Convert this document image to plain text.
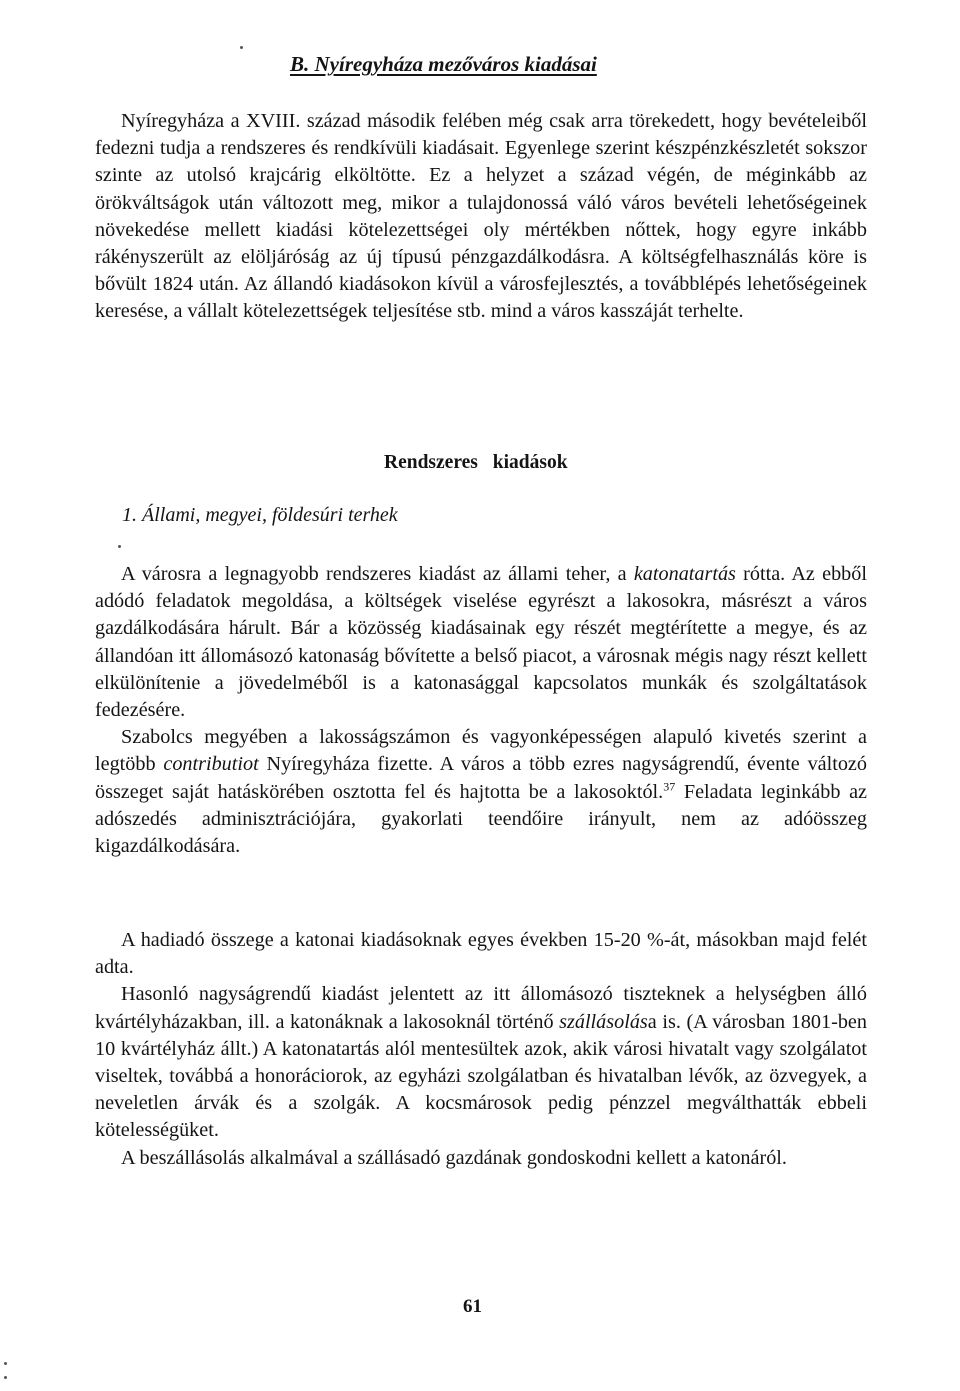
B. Nyíregyháza mezőváros kiadásai

Nyíregyháza a XVIII. század második felében még csak arra törekedett, hogy bevételeiből fedezni tudja a rendszeres és rendkívüli kiadásait. Egyenlege szerint készpénzkészletét sokszor szinte az utolsó krajcárig elköltötte. Ez a helyzet a század végén, de méginkább az örökváltságok után változott meg, mikor a tulajdonossá váló város bevételi lehetőségeinek növekedése mellett kiadási kötelezettségei oly mértékben nőttek, hogy egyre inkább rákényszerült az elöljáróság az új típusú pénzgazdálkodásra. A költségfelhasználás köre is bővült 1824 után. Az állandó kiadásokon kívül a városfejlesztés, a továbblépés lehetőségeinek keresése, a vállalt kötelezettségek teljesítése stb. mind a város kasszáját terhelte.

Rendszeres kiadások
1. Állami, megyei, földesúri terhek

A városra a legnagyobb rendszeres kiadást az állami teher, a katonatartás rótta. Az ebből adódó feladatok megoldása, a költségek viselése egyrészt a lakosokra, másrészt a város gazdálkodására hárult. Bár a közösség kiadásainak egy részét megtérítette a megye, és az állandóan itt állomásozó katonaság bővítette a belső piacot, a városnak mégis nagy részt kellett elkülönítenie a jövedelméből is a katonasággal kapcsolatos munkák és szolgáltatások fedezésére.

Szabolcs megyében a lakosságszámon és vagyonképességen alapuló kivetés szerint a legtöbb contributiot Nyíregyháza fizette. A város a több ezres nagyságrendű, évente változó összeget saját hatáskörében osztotta fel és hajtotta be a lakosoktól.$^{37}$ Feladata leginkább az adószedés adminisztrációjára, gyakorlati teendőire irányult, nem az adóösszeg kigazdálkodására.

A hadiadó összege a katonai kiadásoknak egyes években 15-20 %-át, másokban majd felét adta.

Hasonló nagyságrendű kiadást jelentett az itt állomásozó tiszteknek a helységben álló kvártélyházakban, ill. a katonáknak a lakosoknál történő szállásolása is. (A városban 1801-ben 10 kvártélyház állt.) A katonatartás alól mentesültek azok, akik városi hivatalt vagy szolgálatot viseltek, továbbá a honoráciorok, az egyházi szolgálatban és hivatalban lévők, az özvegyek, a neveletlen árvák és a szolgák. A kocsmárosok pedig pénzzel megválthatták ebbeli kötelességüket.

A beszállásolás alkalmával a szállásadó gazdának gondoskodni kellett a katonáról.

61
